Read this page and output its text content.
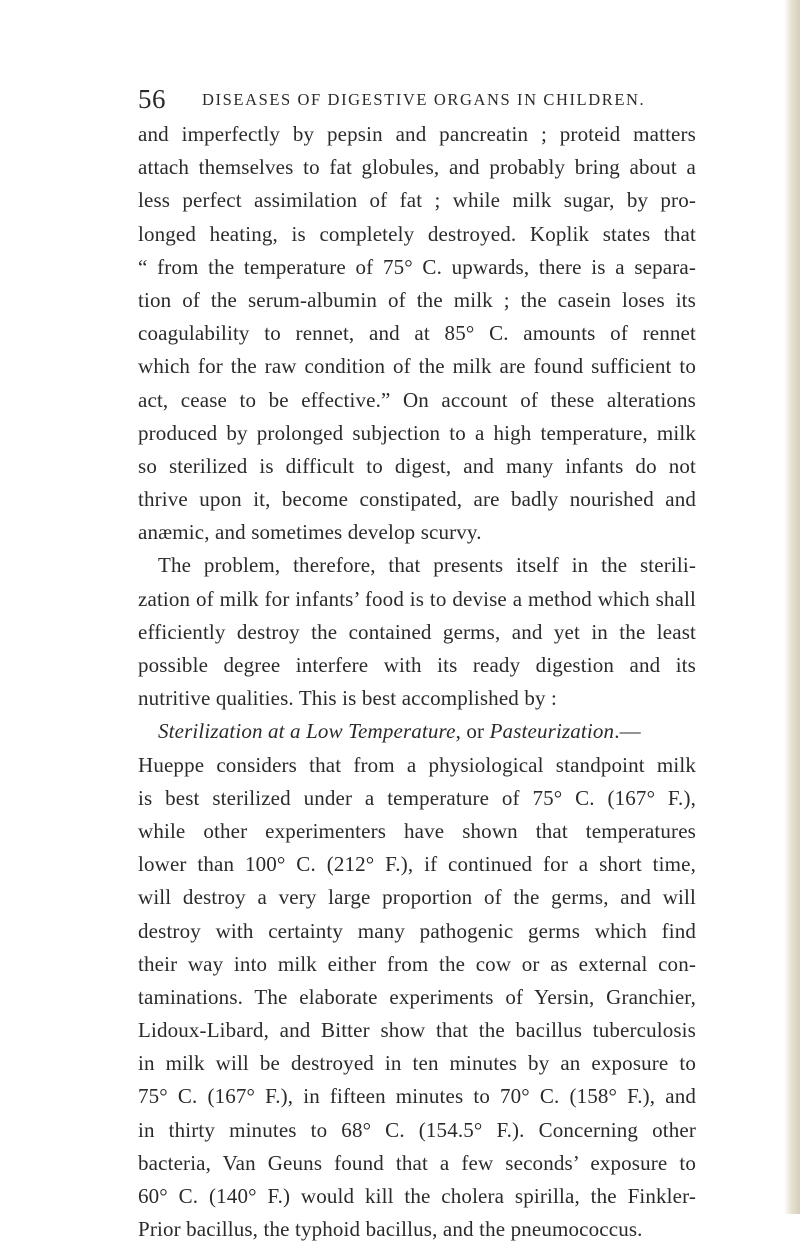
56 DISEASES OF DIGESTIVE ORGANS IN CHILDREN.
and imperfectly by pepsin and pancreatin ; proteid matters
attach themselves to fat globules, and probably bring about a
less perfect assimilation of fat ; while milk sugar, by pro-
longed heating, is completely destroyed. Koplik states that
“ from the temperature of 75° C. upwards, there is a separa-
tion of the serum-albumin of the milk ; the casein loses its
coagulability to rennet, and at 85° C. amounts of rennet
which for the raw condition of the milk are found sufficient to
act, cease to be effective.” On account of these alterations
produced by prolonged subjection to a high temperature, milk
so sterilized is difficult to digest, and many infants do not
thrive upon it, become constipated, are badly nourished and
anæmic, and sometimes develop scurvy.
The problem, therefore, that presents itself in the sterili-
zation of milk for infants’ food is to devise a method which shall
efficiently destroy the contained germs, and yet in the least
possible degree interfere with its ready digestion and its
nutritive qualities. This is best accomplished by :
Sterilization at a Low Temperature, or Pasteurization.—
Hueppe considers that from a physiological standpoint milk
is best sterilized under a temperature of 75° C. (167° F.),
while other experimenters have shown that temperatures
lower than 100° C. (212° F.), if continued for a short time,
will destroy a very large proportion of the germs, and will
destroy with certainty many pathogenic germs which find
their way into milk either from the cow or as external con-
taminations. The elaborate experiments of Yersin, Granchier,
Lidoux-Libard, and Bitter show that the bacillus tuberculosis
in milk will be destroyed in ten minutes by an exposure to
75° C. (167° F.), in fifteen minutes to 70° C. (158° F.), and
in thirty minutes to 68° C. (154.5° F.). Concerning other
bacteria, Van Geuns found that a few seconds’ exposure to
60° C. (140° F.) would kill the cholera spirilla, the Finkler-
Prior bacillus, the typhoid bacillus, and the pneumococcus.
